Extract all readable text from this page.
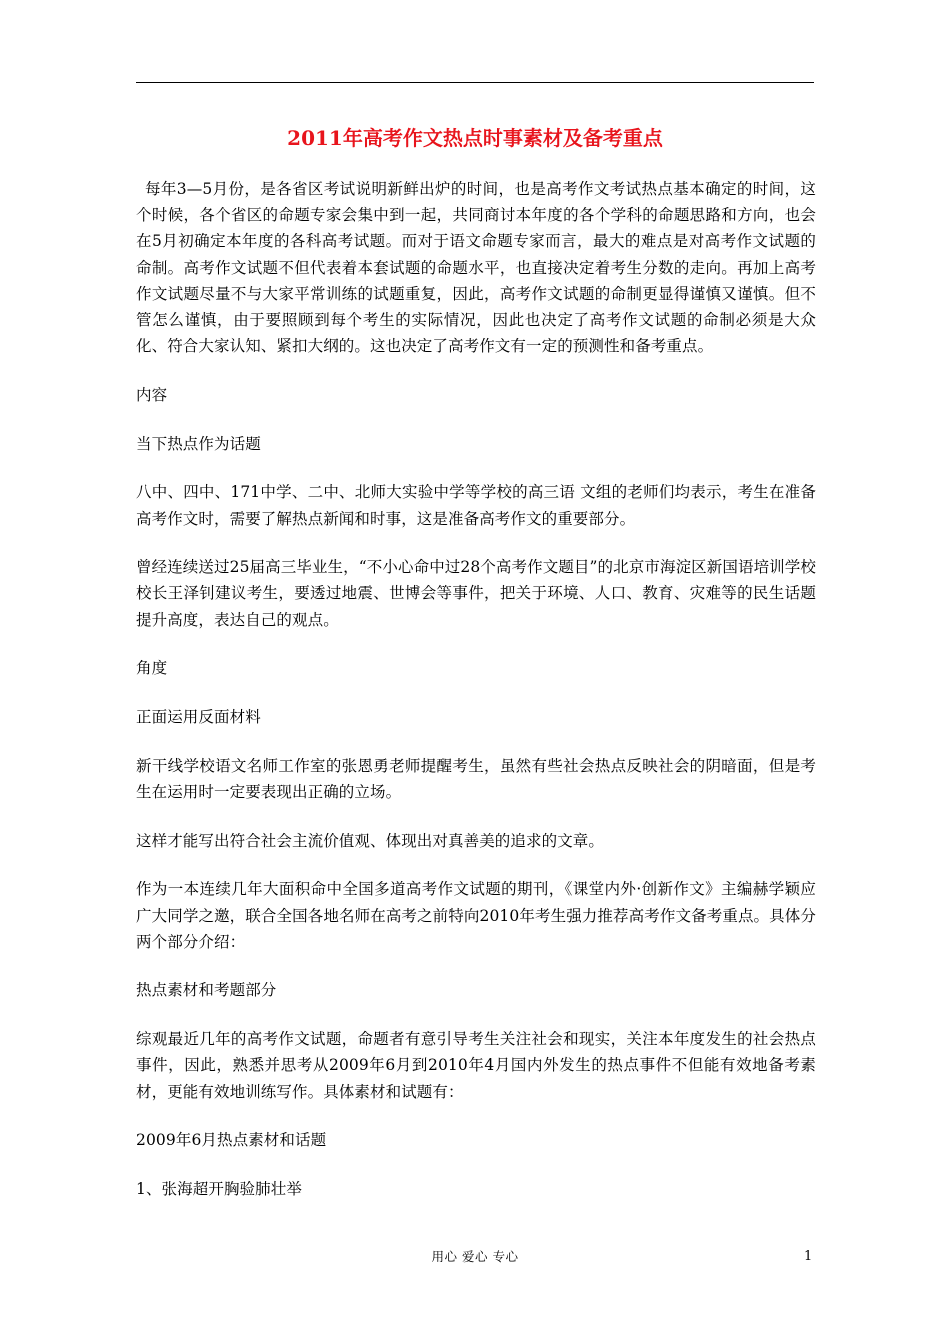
2011年高考作文热点时事素材及备考重点

每年3—5月份，是各省区考试说明新鲜出炉的时间，也是高考作文考试热点基本确定的时间，这个时候，各个省区的命题专家会集中到一起，共同商讨本年度的各个学科的命题思路和方向，也会在5月初确定本年度的各科高考试题。而对于语文命题专家而言，最大的难点是对高考作文试题的命制。高考作文试题不但代表着本套试题的命题水平，也直接决定着考生分数的走向。再加上高考作文试题尽量不与大家平常训练的试题重复，因此，高考作文试题的命制更显得谨慎又谨慎。但不管怎么谨慎，由于要照顾到每个考生的实际情况，因此也决定了高考作文试题的命制必须是大众化、符合大家认知、紧扣大纲的。这也决定了高考作文有一定的预测性和备考重点。

内容

当下热点作为话题

八中、四中、171中学、二中、北师大实验中学等学校的高三语 文组的老师们均表示，考生在准备高考作文时，需要了解热点新闻和时事，这是准备高考作文的重要部分。

曾经连续送过25届高三毕业生，“不小心命中过28个高考作文题目”的北京市海淀区新国语培训学校校长王泽钊建议考生，要透过地震、世博会等事件，把关于环境、人口、教育、灾难等的民生话题提升高度，表达自己的观点。

角度

正面运用反面材料

新干线学校语文名师工作室的张恩勇老师提醒考生，虽然有些社会热点反映社会的阴暗面，但是考生在运用时一定要表现出正确的立场。

这样才能写出符合社会主流价值观、体现出对真善美的追求的文章。

作为一本连续几年大面积命中全国多道高考作文试题的期刊，《课堂内外·创新作文》主编赫学颖应广大同学之邀，联合全国各地名师在高考之前特向2010年考生强力推荐高考作文备考重点。具体分两个部分介绍：

热点素材和考题部分

综观最近几年的高考作文试题，命题者有意引导考生关注社会和现实，关注本年度发生的社会热点事件，因此，熟悉并思考从2009年6月到2010年4月国内外发生的热点事件不但能有效地备考素材，更能有效地训练写作。具体素材和试题有：

2009年6月热点素材和话题

1、张海超开胸验肺壮举

用心 爱心 专心	1
